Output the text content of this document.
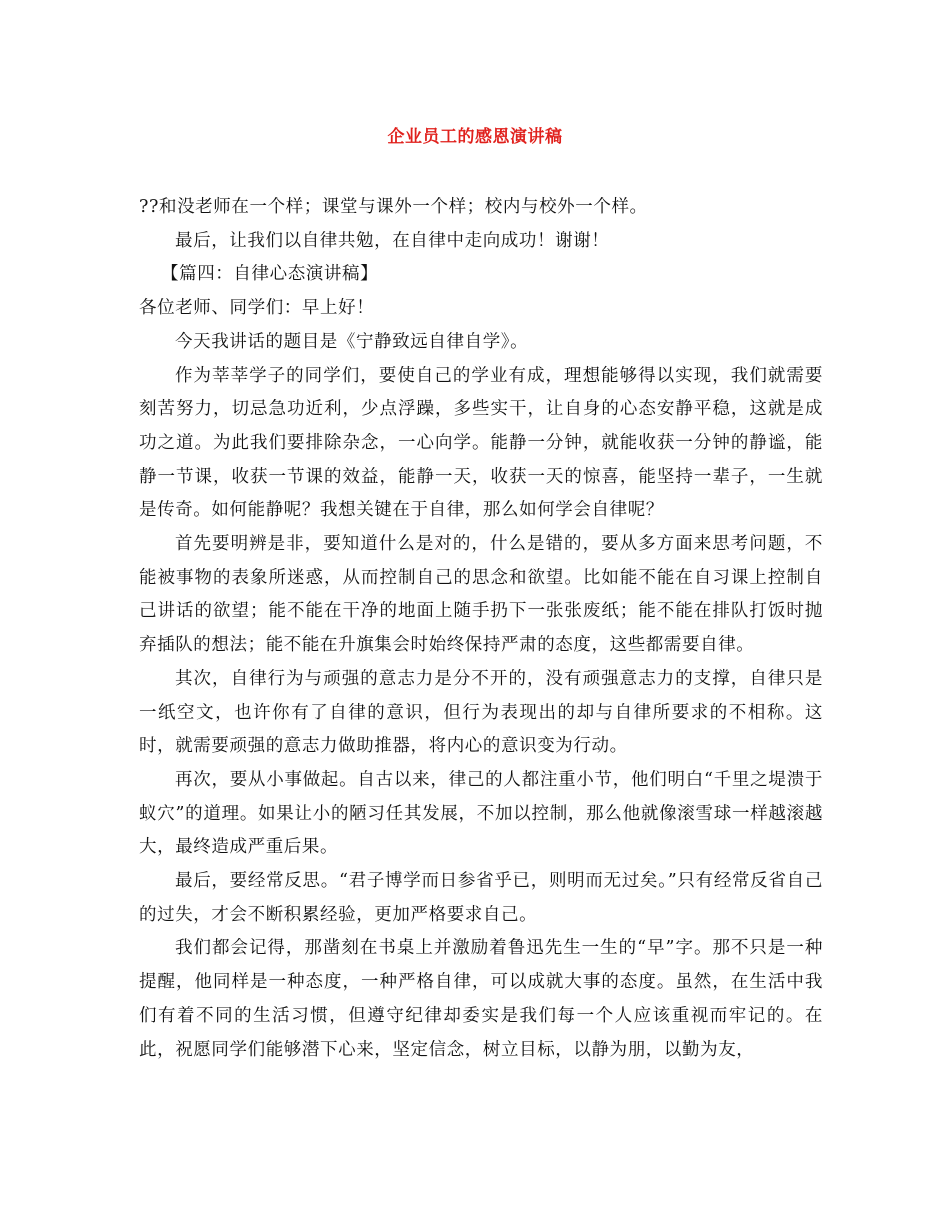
企业员工的感恩演讲稿

??和没老师在一个样；课堂与课外一个样；校内与校外一个样。

最后，让我们以自律共勉，在自律中走向成功！谢谢！

【篇四：自律心态演讲稿】

各位老师、同学们：早上好！

今天我讲话的题目是《宁静致远自律自学》。

作为莘莘学子的同学们，要使自己的学业有成，理想能够得以实现，我们就需要刻苦努力，切忌急功近利，少点浮躁，多些实干，让自身的心态安静平稳，这就是成功之道。为此我们要排除杂念，一心向学。能静一分钟，就能收获一分钟的静谧，能静一节课，收获一节课的效益，能静一天，收获一天的惊喜，能坚持一辈子，一生就是传奇。如何能静呢？我想关键在于自律，那么如何学会自律呢？

首先要明辨是非，要知道什么是对的，什么是错的，要从多方面来思考问题，不能被事物的表象所迷惑，从而控制自己的思念和欲望。比如能不能在自习课上控制自己讲话的欲望；能不能在干净的地面上随手扔下一张张废纸；能不能在排队打饭时抛弃插队的想法；能不能在升旗集会时始终保持严肃的态度，这些都需要自律。

其次，自律行为与顽强的意志力是分不开的，没有顽强意志力的支撑，自律只是一纸空文，也许你有了自律的意识，但行为表现出的却与自律所要求的不相称。这时，就需要顽强的意志力做助推器，将内心的意识变为行动。

再次，要从小事做起。自古以来，律己的人都注重小节，他们明白“千里之堤溃于蚁穴”的道理。如果让小的陋习任其发展，不加以控制，那么他就像滚雪球一样越滚越大，最终造成严重后果。

最后，要经常反思。“君子博学而日参省乎已，则明而无过矣。”只有经常反省自己的过失，才会不断积累经验，更加严格要求自己。

我们都会记得，那凿刻在书桌上并激励着鲁迅先生一生的“早”字。那不只是一种提醒，他同样是一种态度，一种严格自律，可以成就大事的态度。虽然，在生活中我们有着不同的生活习惯，但遵守纪律却委实是我们每一个人应该重视而牢记的。在此，祝愿同学们能够潜下心来，坚定信念，树立目标，以静为朋，以勤为友，
